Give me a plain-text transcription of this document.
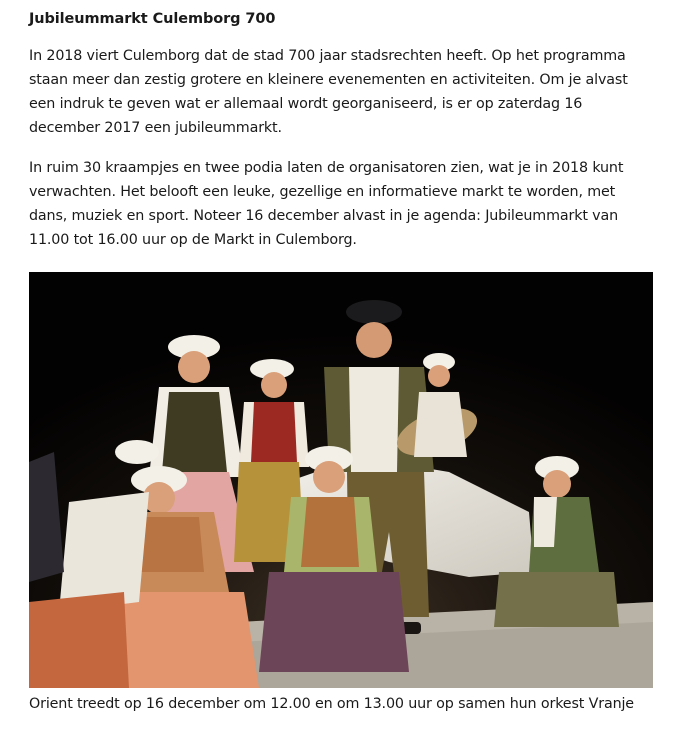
Jubileummarkt Culemborg 700

In 2018 viert Culemborg dat de stad 700 jaar stadsrechten heeft. Op het programma staan meer dan zestig grotere en kleinere evenementen en activiteiten. Om je alvast een indruk te geven wat er allemaal wordt georganiseerd, is er op zaterdag 16 december 2017 een jubileummarkt.

In ruim 30 kraampjes en twee podia laten de organisatoren zien, wat je in 2018 kunt verwachten. Het belooft een leuke, gezellige en informatieve markt te worden, met dans, muziek en sport. Noteer 16 december alvast in je agenda: Jubileummarkt van 11.00 tot 16.00 uur op de Markt in Culemborg.

Orient treedt op 16 december om 12.00 en om 13.00 uur op samen hun orkest Vranje
